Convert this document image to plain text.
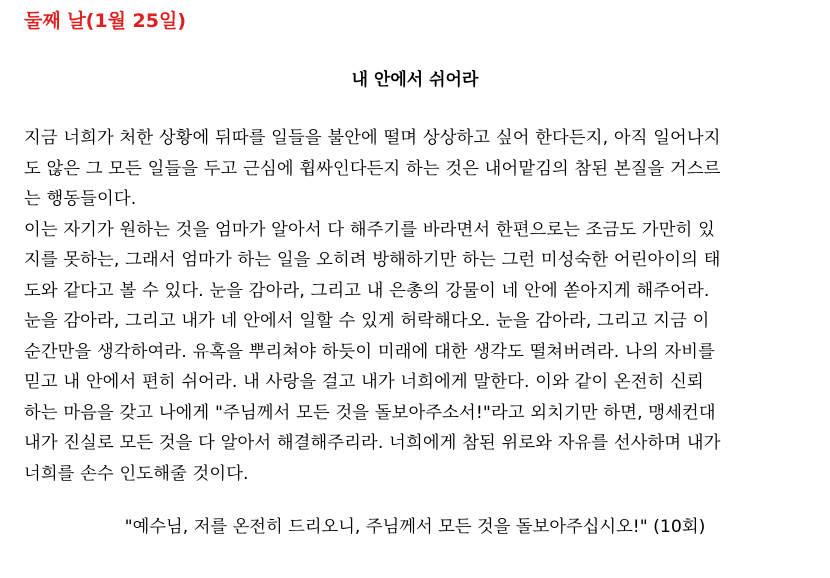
둘째 날(1월 25일)
내 안에서 쉬어라
지금 너희가 처한 상황에 뒤따를 일들을 불안에 떨며 상상하고 싶어 한다든지, 아직 일어나지
도 않은 그 모든 일들을 두고 근심에 휩싸인다든지 하는 것은 내어맡김의 참된 본질을 거스르
는 행동들이다.
이는 자기가 원하는 것을 엄마가 알아서 다 해주기를 바라면서 한편으로는 조금도 가만히 있
지를 못하는, 그래서 엄마가 하는 일을 오히려 방해하기만 하는 그런 미성숙한 어린아이의 태
도와 같다고 볼 수 있다. 눈을 감아라, 그리고 내 은총의 강물이 네 안에 쏟아지게 해주어라.
눈을 감아라, 그리고 내가 네 안에서 일할 수 있게 허락해다오. 눈을 감아라, 그리고 지금 이
순간만을 생각하여라. 유혹을 뿌리쳐야 하듯이 미래에 대한 생각도 떨쳐버려라. 나의 자비를
믿고 내 안에서 편히 쉬어라. 내 사랑을 걸고 내가 너희에게 말한다. 이와 같이 온전히 신뢰
하는 마음을 갖고 나에게 "주님께서 모든 것을 돌보아주소서!"라고 외치기만 하면, 맹세컨대
내가 진실로 모든 것을 다 알아서 해결해주리라. 너희에게 참된 위로와 자유를 선사하며 내가
너희를 손수 인도해줄 것이다.
"예수님, 저를 온전히 드리오니, 주님께서 모든 것을 돌보아주십시오!" (10회)
